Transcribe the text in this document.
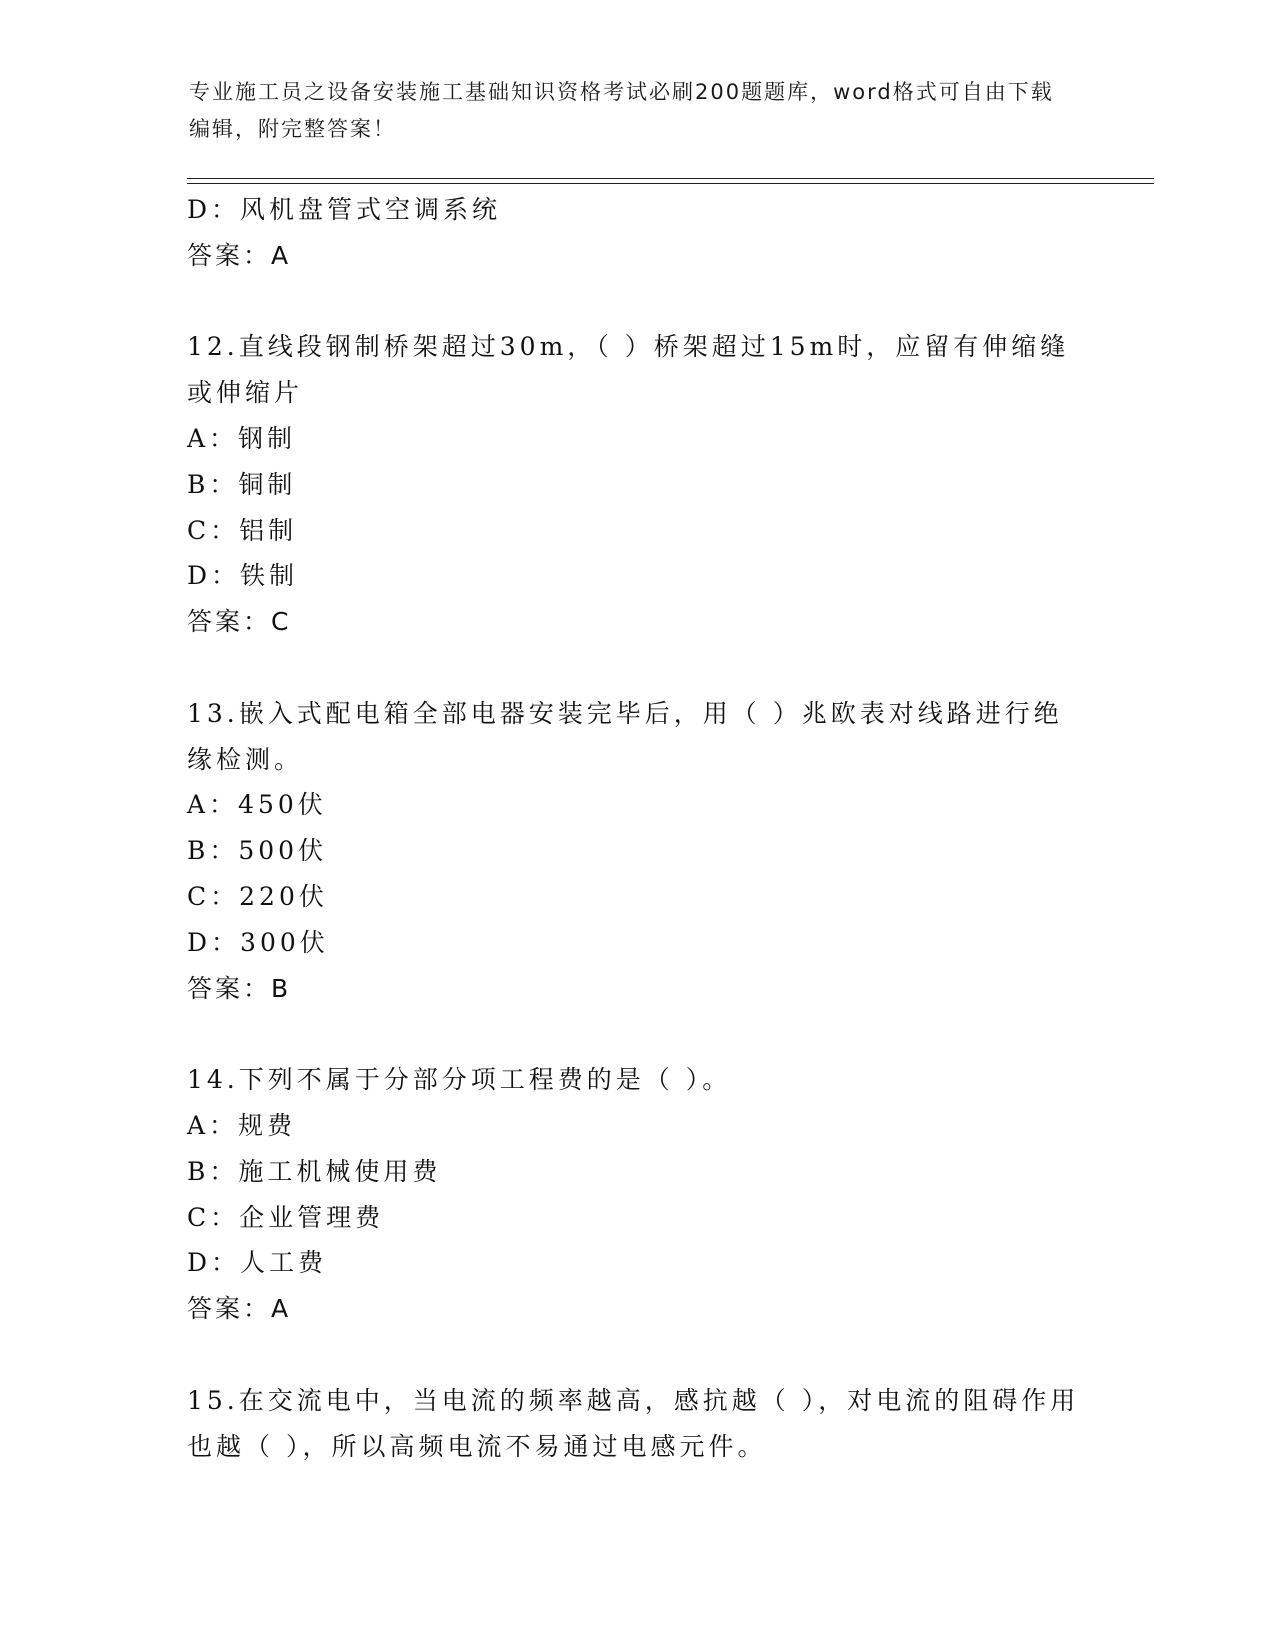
专业施工员之设备安装施工基础知识资格考试必刷200题题库，word格式可自由下载编辑，附完整答案！
D：风机盘管式空调系统
答案：A
12.直线段钢制桥架超过30m，（ ）桥架超过15m时，应留有伸缩缝或伸缩片
A：钢制
B：铜制
C：铝制
D：铁制
答案：C
13.嵌入式配电箱全部电器安装完毕后，用（ ）兆欧表对线路进行绝缘检测。
A：450伏
B：500伏
C：220伏
D：300伏
答案：B
14.下列不属于分部分项工程费的是（ ）。
A：规费
B：施工机械使用费
C：企业管理费
D：人工费
答案：A
15.在交流电中，当电流的频率越高，感抗越（ ），对电流的阻碍作用也越（ ），所以高频电流不易通过电感元件。
